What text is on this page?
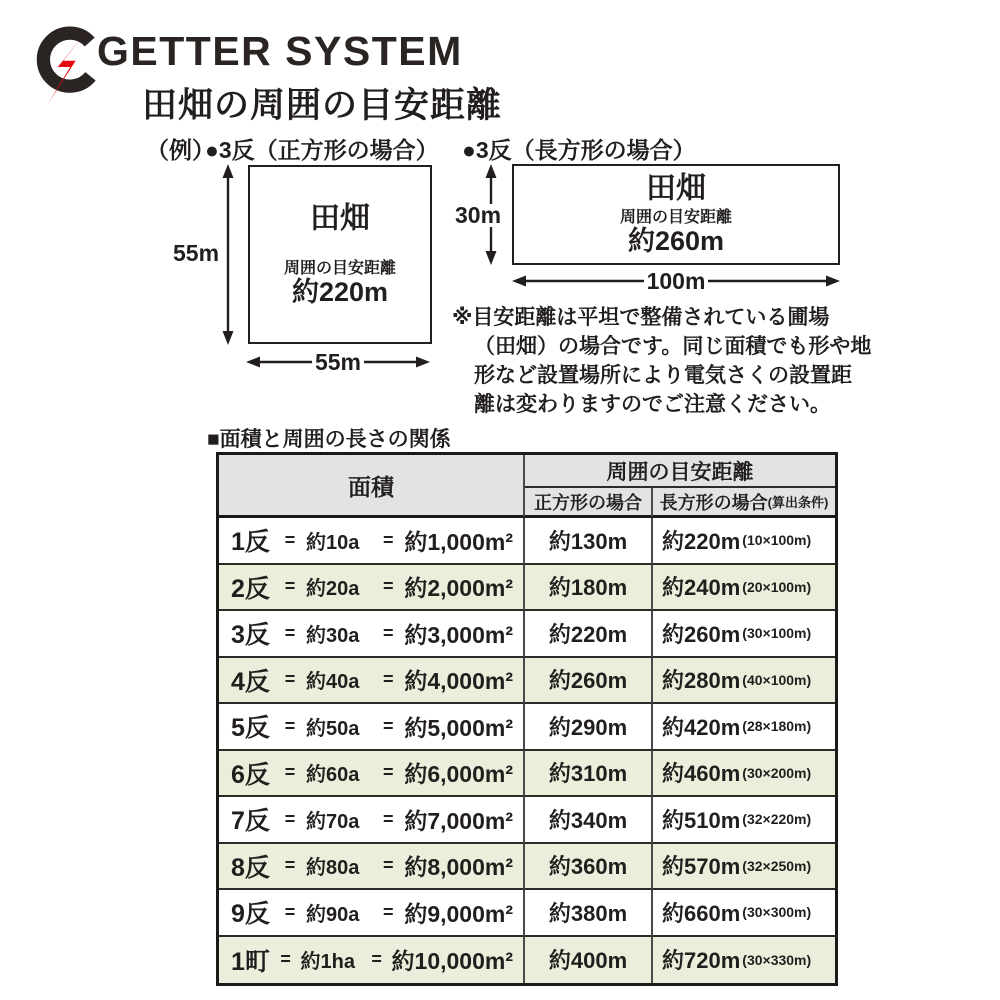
GETTER SYSTEM
田畑の周囲の目安距離
（例）
●3反（正方形の場合） ●3反（長方形の場合）
田畑
周囲の目安距離
約220m
55m
55m
田畑
周囲の目安距離
約260m
30m
100m
※目安距離は平坦で整備されている圃場
（田畑）の場合です。同じ面積でも形や地
形など設置場所により電気さくの設置距
離は変わりますのでご注意ください。
■面積と周囲の長さの関係
面積
周囲の目安距離
正方形の場合 長方形の場合 (算出条件)
1反 = 約10a	= 約1,000m²	約130m	約220m (10×100m)
2反 = 約20a	= 約2,000m²	約180m	約240m (20×100m)
3反 = 約30a	= 約3,000m²	約220m	約260m (30×100m)
4反 = 約40a	= 約4,000m²	約260m	約280m (40×100m)
5反 = 約50a	= 約5,000m²	約290m	約420m (28×180m)
6反 = 約60a	= 約6,000m²	約310m	約460m (30×200m)
7反 = 約70a	= 約7,000m²	約340m	約510m (32×220m)
8反 = 約80a	= 約8,000m²	約360m	約570m (32×250m)
9反 = 約90a	= 約9,000m²	約380m	約660m (30×300m)
1町 = 約1ha = 約10,000m²	約400m	約720m (30×330m)
